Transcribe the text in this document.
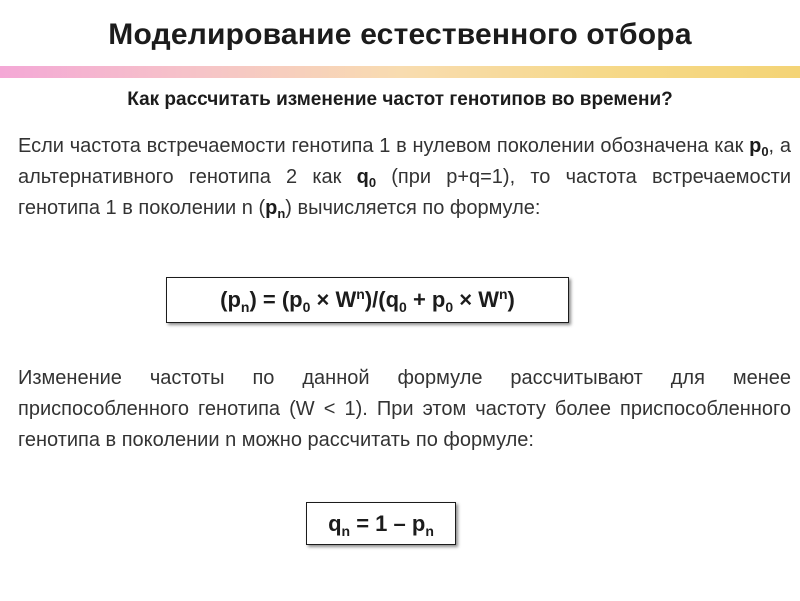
Моделирование естественного отбора
Как рассчитать изменение частот генотипов во времени?
Если частота встречаемости генотипа 1 в нулевом поколении обозначена как $p_0$, а альтернативного генотипа 2 как $q_0$ (при p+q=1), то частота встречаемости генотипа 1 в поколении n $(p_n)$ вычисляется по формуле:
$(p_n) = (p_0 \times W^n)/(q_0 + p_0 \times W^n)$
Изменение частоты по данной формуле рассчитывают для менее приспособленного генотипа (W < 1). При этом частоту более приспособленного генотипа в поколении n можно рассчитать по формуле:
$q_n = 1 - p_n$
